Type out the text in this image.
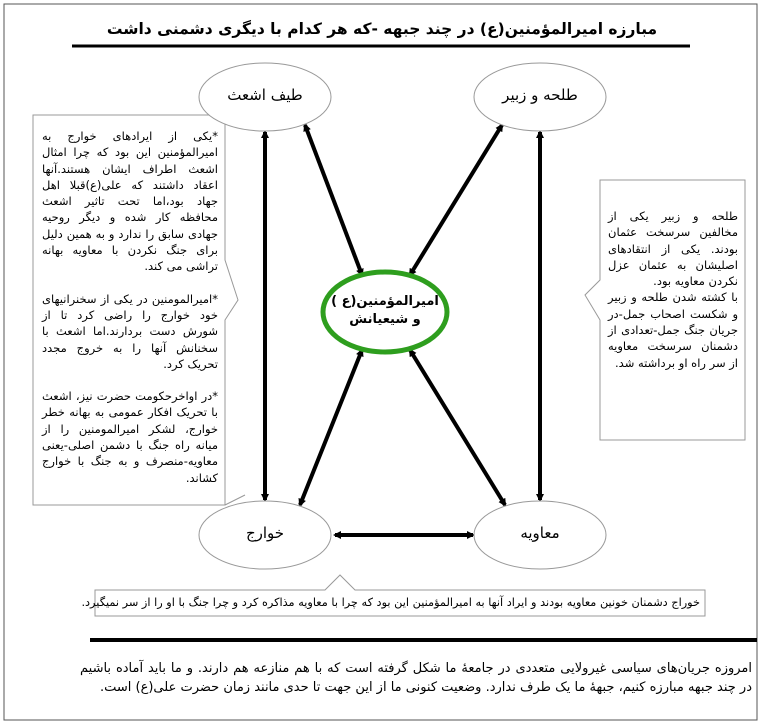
مبارزه اميرالمؤمنين(ع) در چند جبهه -که هر کدام با ديگری دشمنی داشت
طيف اشعث	طلحه و زبير
خوارج	معاويه
اميرالمؤمنين(ع )
و شيعيانش

*يکی از ايرادهای خوارج به اميرالمؤمنين اين بود که چرا امثال اشعث اطراف ايشان هستند.آنها اعقاد داشتند که علی(ع)قبلا اهل جهاد بود،اما تحت تاثير اشعث محافظه کار شده و ديگر روحيه جهادی سابق را ندارد و به همين دليل برای جنگ نکردن با معاويه بهانه تراشی می کند.

*اميرالمومنين در يکی از سخنرانيهای خود خوارج را راضی کرد تا از شورش دست بردارند.اما اشعث با سخنانش آنها را به خروج مجدد تحريک کرد.

*در اواخرحکومت حضرت نيز، اشعث با تحريک افکار عمومی به بهانه خطر خوارج، لشکر اميرالمومنين را از ميانه راه جنگ با دشمن اصلی-يعنی معاويه-منصرف و به جنگ با خوارج کشاند.

طلحه و زبير يکی از مخالفين سرسخت عثمان بودند. يکی از انتقادهای اصليشان به عثمان عزل نکردن معاويه بود.
با کشته شدن طلحه و زبير و شکست اصحاب جمل-در جريان جنگ جمل-تعدادی از دشمنان سرسخت معاويه از سر راه او برداشته شد.
خوراج دشمنان خونين معاويه بودند و ايراد آنها به اميرالمؤمنين اين بود که چرا با معاويه مذاکره کرد و چرا جنگ با او را از سر نميگيرد.
امروزه جريان‌های سياسی غيرولايی متعددی در جامعهٔ ما شکل گرفته است که با هم منازعه هم دارند. و ما بايد آماده باشيم در چند جبهه مبارزه کنيم، جبههٔ ما يک طرف ندارد. وضعيت کنونی ما از اين جهت تا حدی مانند زمان حضرت علی(ع) است.
